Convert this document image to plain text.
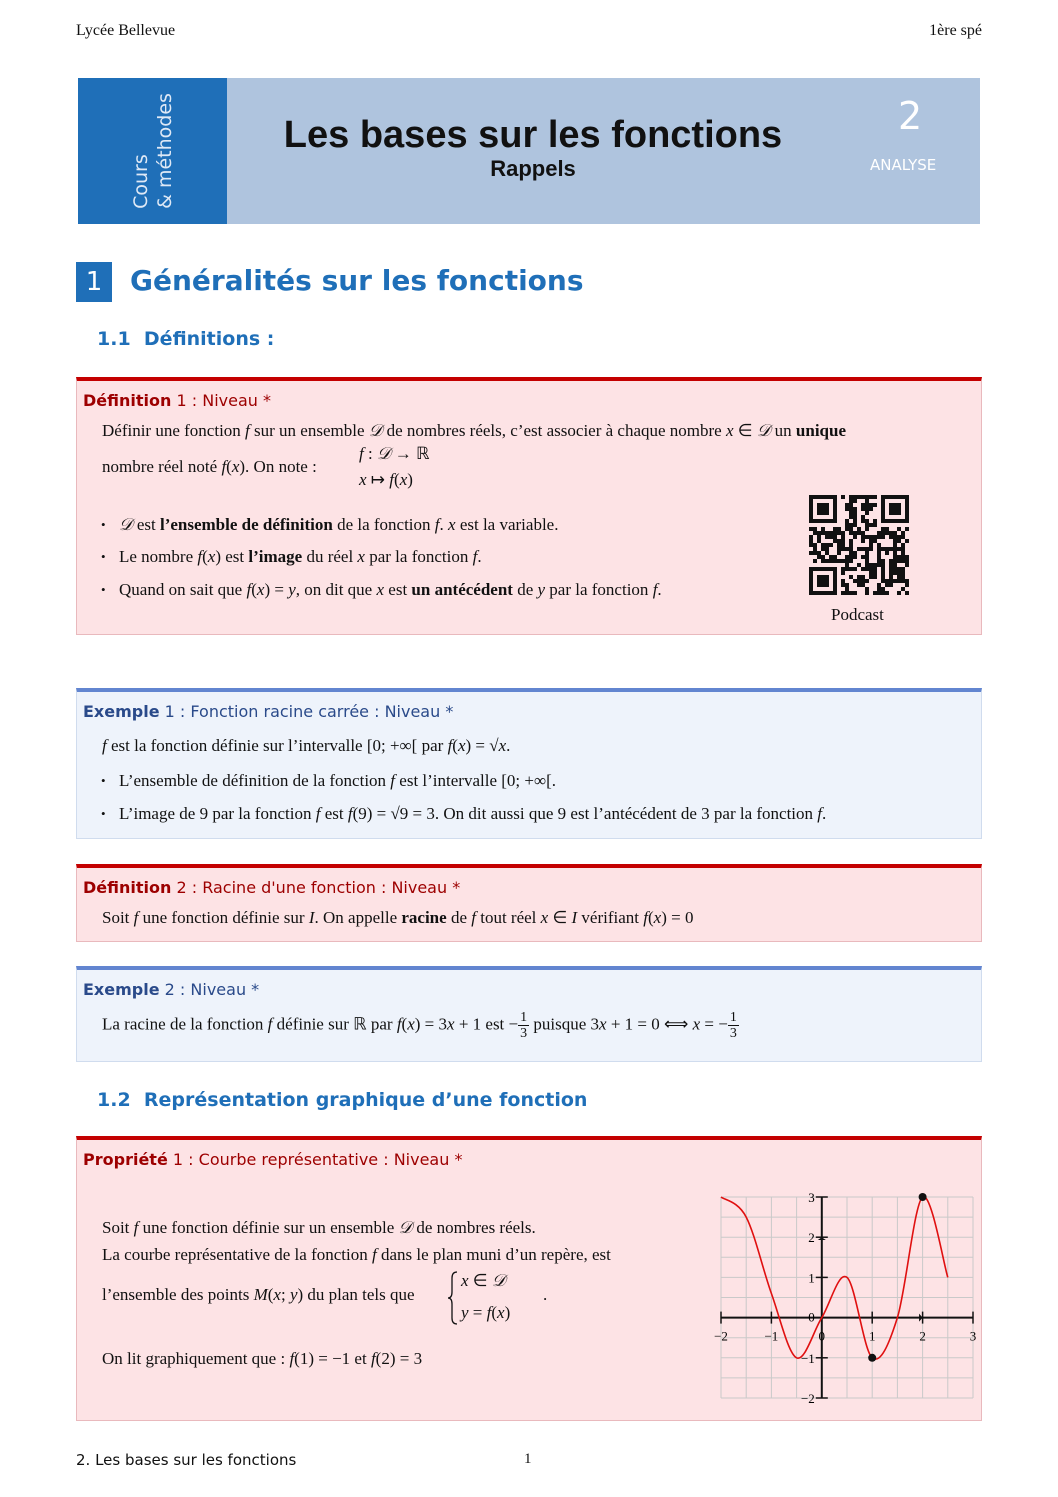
Lycée Bellevue	1ère spé
Cours & méthodes	Les bases sur les fonctions
Rappels
2
ANALYSE
1 Généralités sur les fonctions
1.1 Définitions :
Définition 1 : Niveau *
Définir une fonction f sur un ensemble 𝒟 de nombres réels, c’est associer à chaque nombre x ∈ 𝒟 un unique
nombre réel noté f(x). On note :
f : 𝒟 → ℝ
x ↦ f(x)
• 𝒟 est l’ensemble de définition de la fonction f. x est la variable.
• Le nombre f(x) est l’image du réel x par la fonction f.
• Quand on sait que f(x) = y, on dit que x est un antécédent de y par la fonction f.
Podcast
Exemple 1 : Fonction racine carrée : Niveau *
f est la fonction définie sur l’intervalle [0; +∞[ par f(x) = √x.
• L’ensemble de définition de la fonction f est l’intervalle [0; +∞[.
• L’image de 9 par la fonction f est f(9) = √9 = 3. On dit aussi que 9 est l’antécédent de 3 par la fonction f.
Définition 2 : Racine d'une fonction : Niveau *
Soit f une fonction définie sur I. On appelle racine de f tout réel x ∈ I vérifiant f(x) = 0
Exemple 2 : Niveau *
La racine de la fonction f définie sur ℝ par f(x) = 3x + 1 est − $\frac{1}{3}$ puisque 3x + 1 = 0 ⟺ x = − $\frac{1}{3}$
1.2 Représentation graphique d’une fonction
Propriété 1 : Courbe représentative : Niveau *
Soit f une fonction définie sur un ensemble 𝒟 de nombres réels.
La courbe représentative de la fonction f dans le plan muni d’un repère, est
l’ensemble des points M(x; y) du plan tels que
x ∈ 𝒟
y = f(x)
.
On lit graphiquement que : f(1) = −1 et f(2) = 3
−2	−1	0	1	2	3
−2
−1
0
1
2
3
2. Les bases sur les fonctions	1
